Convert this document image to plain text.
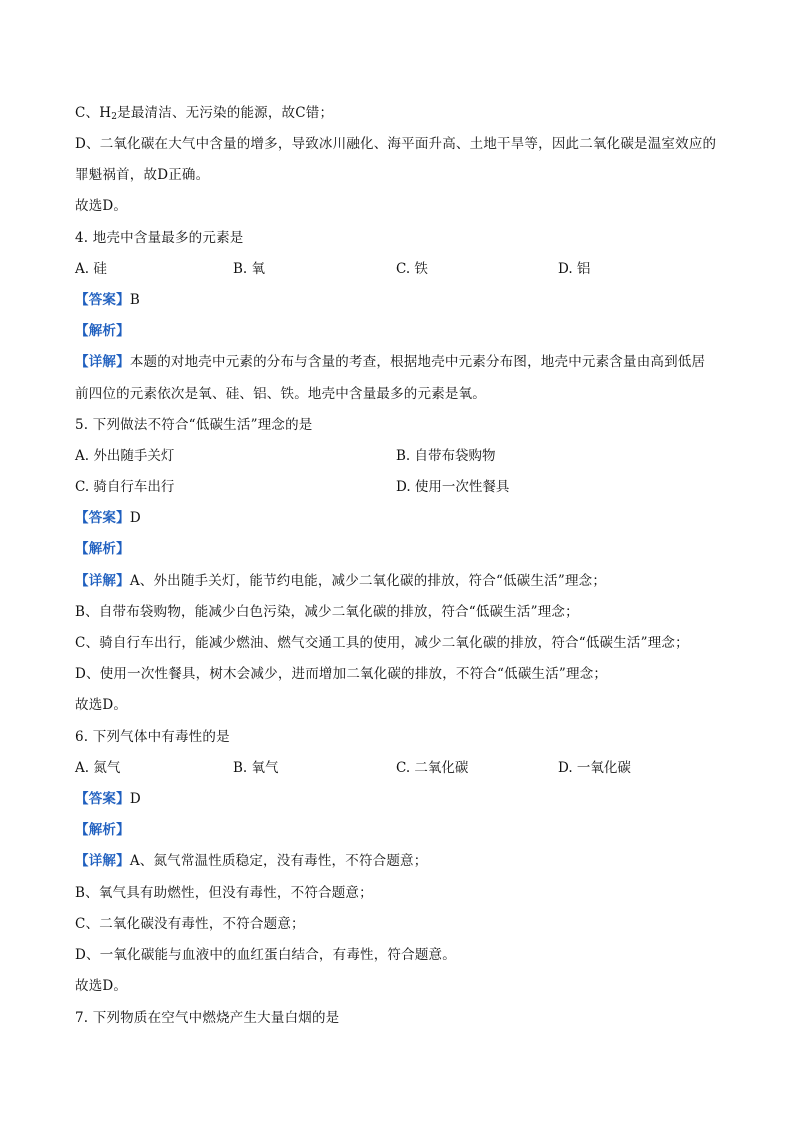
C、$H_2$是最清洁、无污染的能源，故C错；
D、二氧化碳在大气中含量的增多，导致冰川融化、海平面升高、土地干旱等，因此二氧化碳是温室效应的
罪魁祸首，故D正确。
故选D。
4. 地壳中含量最多的元素是
A. 硅	B. 氧	C. 铁	D. 铝
【答案】B
【解析】
【详解】本题的对地壳中元素的分布与含量的考查，根据地壳中元素分布图，地壳中元素含量由高到低居
前四位的元素依次是氧、硅、铝、铁。地壳中含量最多的元素是氧。
5. 下列做法不符合“低碳生活”理念的是
A. 外出随手关灯	B. 自带布袋购物
C. 骑自行车出行	D. 使用一次性餐具
【答案】D
【解析】
【详解】A、外出随手关灯，能节约电能，减少二氧化碳的排放，符合“低碳生活”理念；
B、自带布袋购物，能减少白色污染，减少二氧化碳的排放，符合“低碳生活”理念；
C、骑自行车出行，能减少燃油、燃气交通工具的使用，减少二氧化碳的排放，符合“低碳生活”理念；
D、使用一次性餐具，树木会减少，进而增加二氧化碳的排放，不符合“低碳生活”理念；
故选D。
6. 下列气体中有毒性的是
A. 氮气	B. 氧气	C. 二氧化碳	D. 一氧化碳
【答案】D
【解析】
【详解】A、氮气常温性质稳定，没有毒性，不符合题意；
B、氧气具有助燃性，但没有毒性，不符合题意；
C、二氧化碳没有毒性，不符合题意；
D、一氧化碳能与血液中的血红蛋白结合，有毒性，符合题意。
故选D。
7. 下列物质在空气中燃烧产生大量白烟的是
